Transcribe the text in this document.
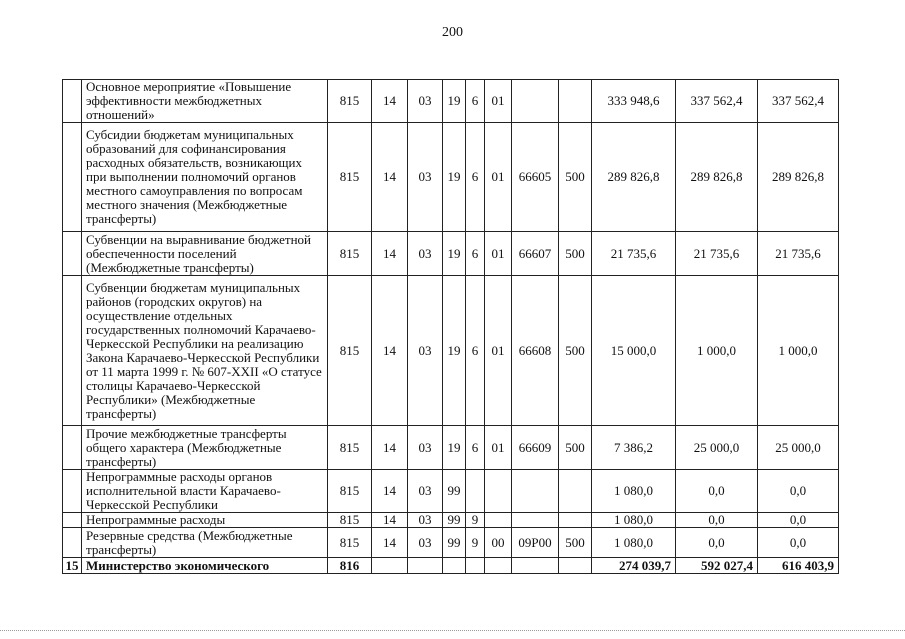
200
	Основное мероприятие «Повышение эффективности межбюджетных отношений»	815	14	03	19	6	01			333 948,6	337 562,4	337 562,4
	Субсидии бюджетам муниципальных образований для софинансирования расходных обязательств, возникающих при выполнении полномочий органов местного самоуправления по вопросам местного значения (Межбюджетные трансферты)	815	14	03	19	6	01	66605	500	289 826,8	289 826,8	289 826,8
	Субвенции на выравнивание бюджетной обеспеченности поселений (Межбюджетные трансферты)	815	14	03	19	6	01	66607	500	21 735,6	21 735,6	21 735,6
	Субвенции бюджетам муниципальных районов (городских округов) на осуществление отдельных государственных полномочий Карачаево-Черкесской Республики на реализацию Закона Карачаево-Черкесской Республики от 11 марта 1999 г. № 607-XXII «О статусе столицы Карачаево-Черкесской Республики» (Межбюджетные трансферты)	815	14	03	19	6	01	66608	500	15 000,0	1 000,0	1 000,0
	Прочие межбюджетные трансферты общего характера (Межбюджетные трансферты)	815	14	03	19	6	01	66609	500	7 386,2	25 000,0	25 000,0
	Непрограммные расходы органов исполнительной власти Карачаево-Черкесской Республики	815	14	03	99					1 080,0	0,0	0,0
	Непрограммные расходы	815	14	03	99	9				1 080,0	0,0	0,0
	Резервные средства (Межбюджетные трансферты)	815	14	03	99	9	00	09Р00	500	1 080,0	0,0	0,0
15	Министерство экономического	816								274 039,7	592 027,4	616 403,9
